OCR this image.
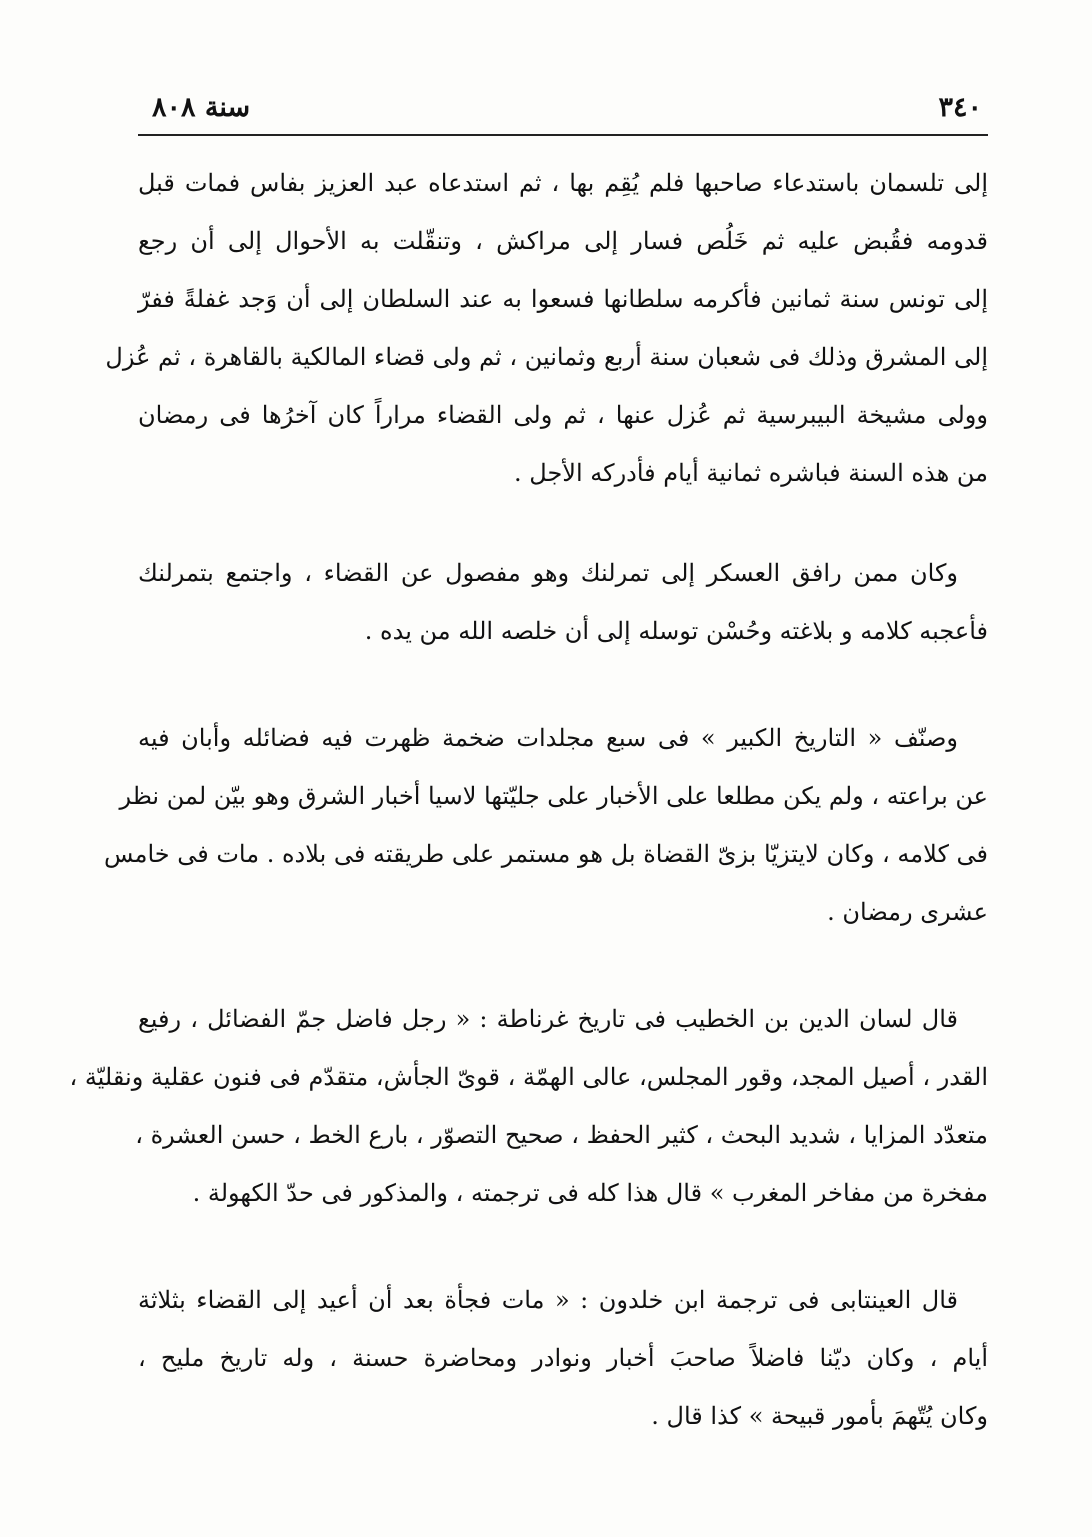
٣٤٠
سنة ٨٠٨

إلى تلسمان باستدعاء صاحبها فلم يُقِم بها ، ثم استدعاه عبد العزيز بفاس فمات قبل
قدومه فقُبض عليه ثم خَلُص فسار إلى مراكش ، وتنقّلت به الأحوال إلى أن رجع
إلى تونس سنة ثمانين فأكرمه سلطانها فسعوا به عند السلطان إلى أن وَجد غفلةً ففرّ
إلى المشرق وذلك فى شعبان سنة أربع وثمانين ، ثم ولى قضاء المالكية بالقاهرة ، ثم عُزل
وولى مشيخة البيبرسية ثم عُزل عنها ، ثم ولى القضاء مراراً كان آخرُها فى رمضان
من هذه السنة فباشره ثمانية أيام فأدركه الأجل .

وكان ممن رافق العسكر إلى تمرلنك وهو مفصول عن القضاء ، واجتمع بتمرلنك
فأعجبه كلامه و بلاغته وحُسْن توسله إلى أن خلصه الله من يده .

وصنّف « التاريخ الكبير » فى سبع مجلدات ضخمة ظهرت فيه فضائله وأبان فيه
عن براعته ، ولم يكن مطلعا على الأخبار على جليّتها لاسيا أخبار الشرق وهو بيّن لمن نظر
فى كلامه ، وكان لايتزيّا بزىّ القضاة بل هو مستمر على طريقته فى بلاده . مات فى خامس
عشرى رمضان .

قال لسان الدين بن الخطيب فى تاريخ غرناطة : « رجل فاضل جمّ الفضائل ، رفيع
القدر ، أصيل المجد، وقور المجلس، عالى الهمّة ، قوىّ الجأش، متقدّم فى فنون عقلية ونقليّة ،
متعدّد المزايا ، شديد البحث ، كثير الحفظ ، صحيح التصوّر ، بارع الخط ، حسن العشرة ،
مفخرة من مفاخر المغرب » قال هذا كله فى ترجمته ، والمذكور فى حدّ الكهولة .

قال العينتابى فى ترجمة ابن خلدون : « مات فجأة بعد أن أعيد إلى القضاء بثلاثة
أيام ، وكان ديّنا فاضلاً صاحبَ أخبار ونوادر ومحاضرة حسنة ، وله تاريخ مليح ،
وكان يُتّهمَ بأمور قبيحة » كذا قال .
